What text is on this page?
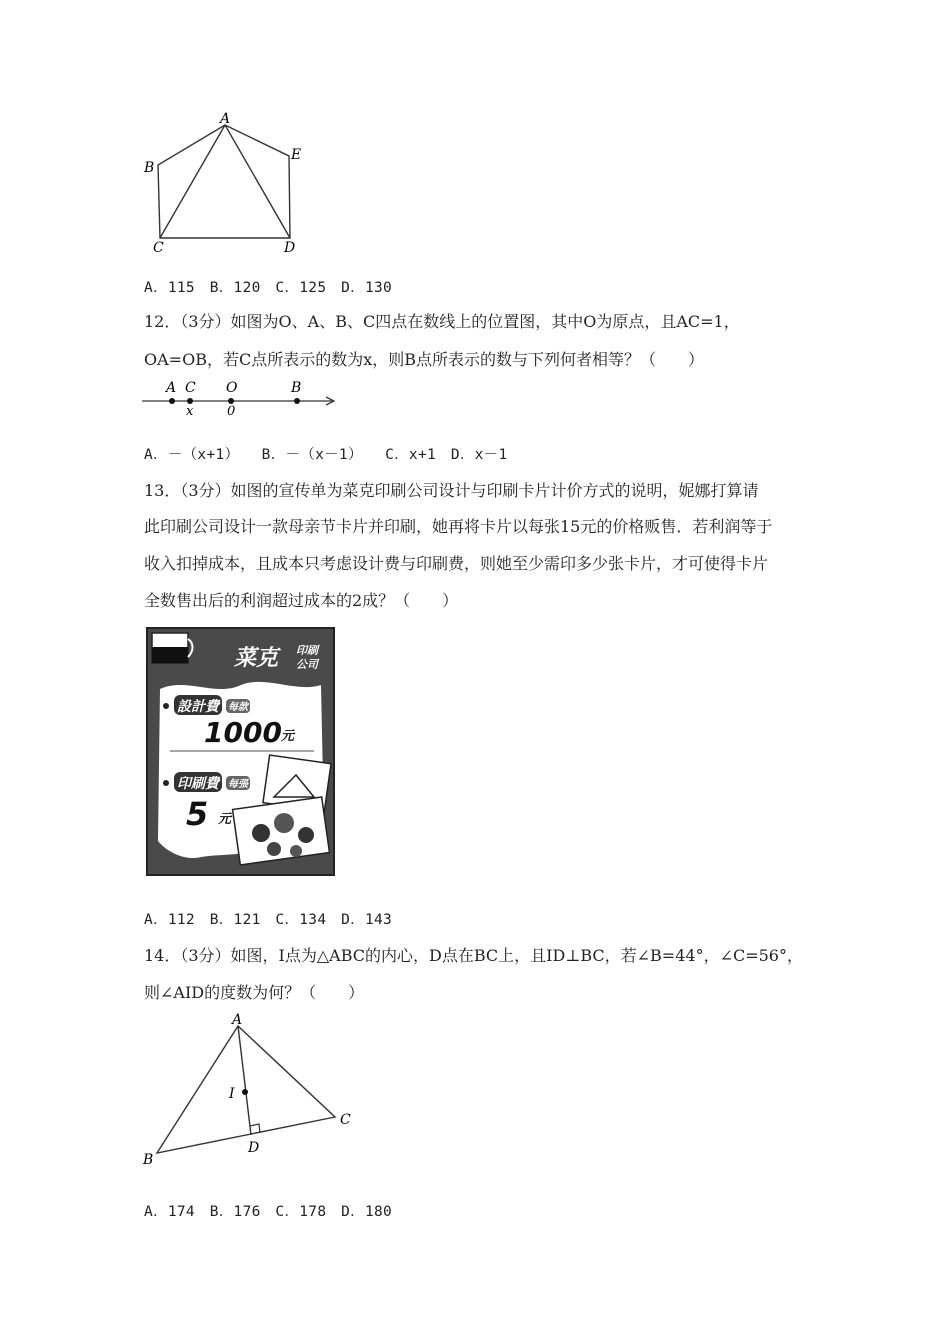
A
B
C	D
E
A．115　B．120　C．125　D．130
12．（3分）如图为O、A、B、C四点在数线上的位置图，其中O为原点，且AC=1，
OA=OB，若C点所表示的数为x，则B点所表示的数与下列何者相等？（　　）
A C O	B
x	0
A．－（x+1）　　B．－（x－1）　　C．x+1　D．x－1
13．（3分）如图的宣传单为菜克印刷公司设计与印刷卡片计价方式的说明，妮娜打算请
此印刷公司设计一款母亲节卡片并印刷，她再将卡片以每张15元的价格贩售．若利润等于
收入扣掉成本，且成本只考虑设计费与印刷费，则她至少需印多少张卡片，才可使得卡片
全数售出后的利润超过成本的2成？（　　）
菜克	印刷
公司
設計費 每款
1000 元
印刷費 每張
5 元
A．112　B．121　C．134　D．143
14．（3分）如图，I点为△ABC的内心，D点在BC上，且ID⊥BC，若∠B=44°，∠C=56°，
则∠AID的度数为何？（　　）
A
B
C
D
I
A．174　B．176　C．178　D．180
